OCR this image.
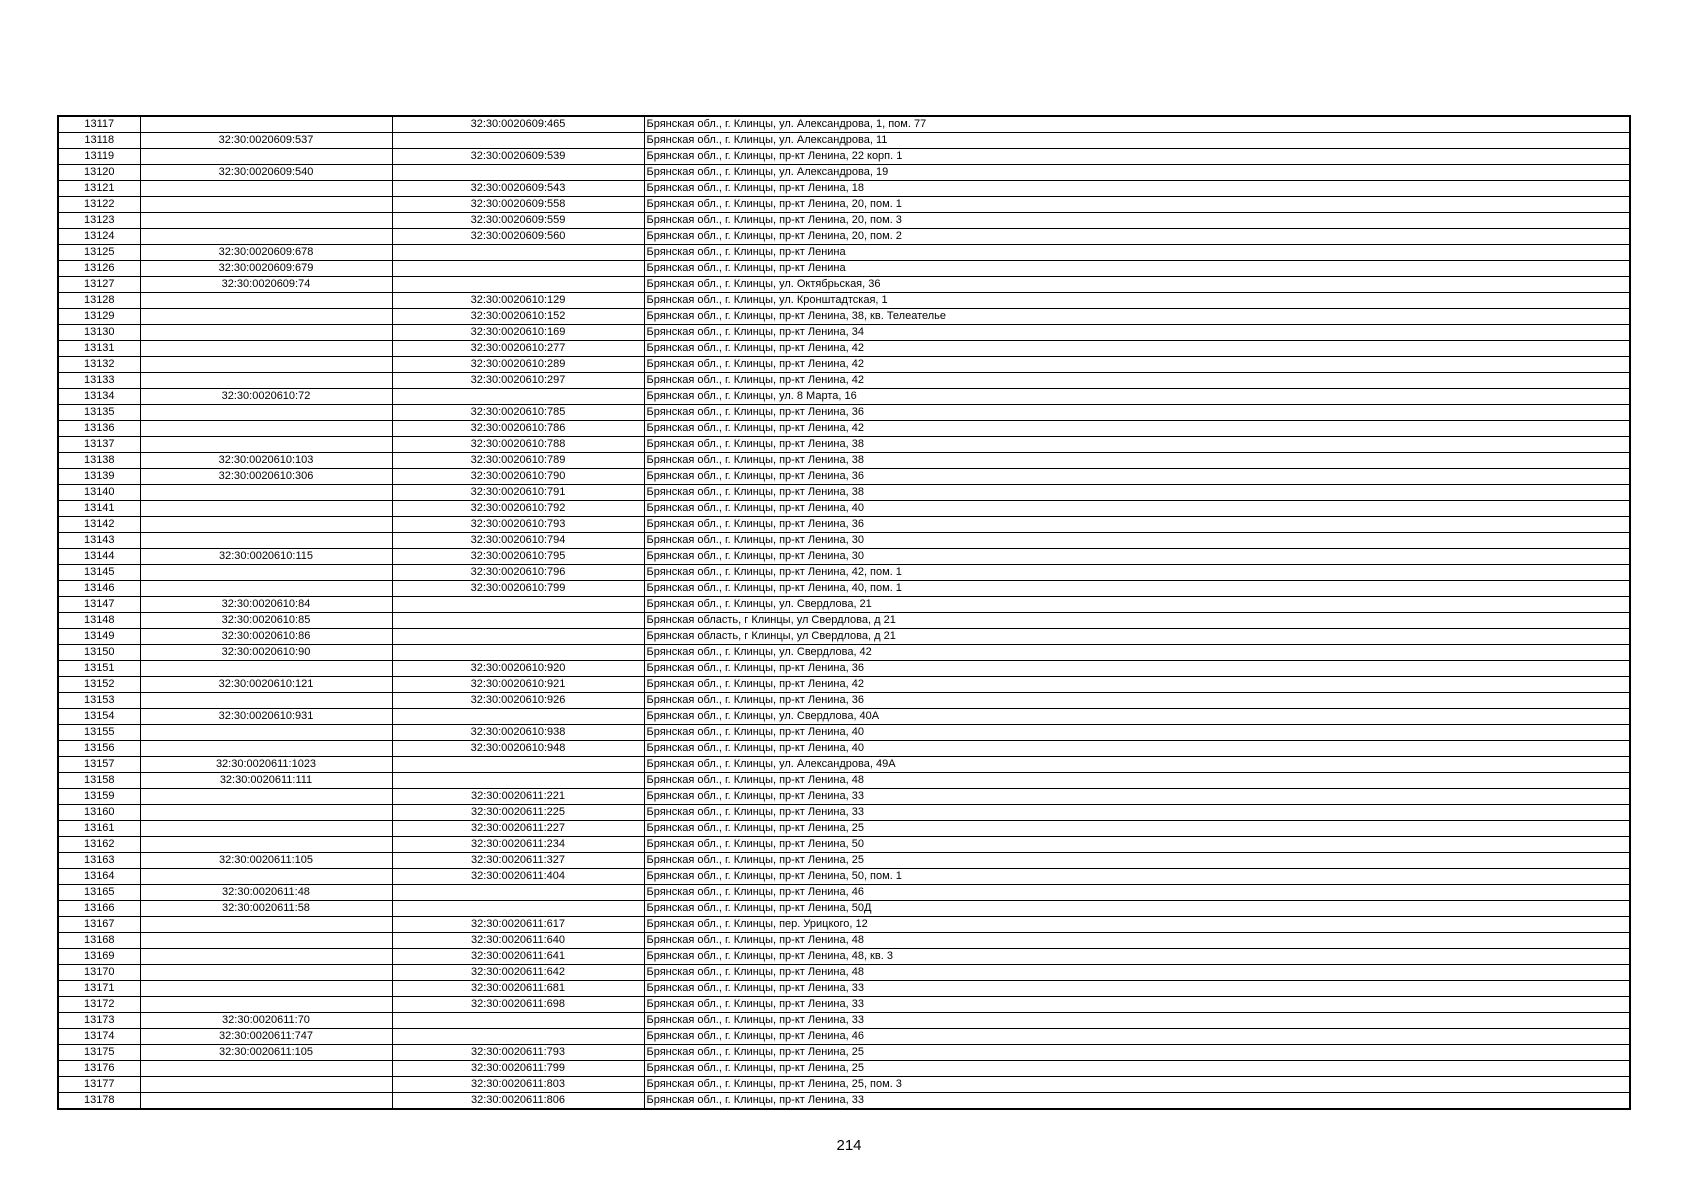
13117		32:30:0020609:465	Брянская обл., г. Клинцы, ул. Александрова, 1, пом. 77
13118	32:30:0020609:537		Брянская обл., г. Клинцы, ул. Александрова, 11
13119		32:30:0020609:539	Брянская обл., г. Клинцы, пр-кт Ленина, 22 корп. 1
13120	32:30:0020609:540		Брянская обл., г. Клинцы, ул. Александрова, 19
13121		32:30:0020609:543	Брянская обл., г. Клинцы, пр-кт Ленина, 18
13122		32:30:0020609:558	Брянская обл., г. Клинцы, пр-кт Ленина, 20, пом. 1
13123		32:30:0020609:559	Брянская обл., г. Клинцы, пр-кт Ленина, 20, пом. 3
13124		32:30:0020609:560	Брянская обл., г. Клинцы, пр-кт Ленина, 20, пом. 2
13125	32:30:0020609:678		Брянская обл., г. Клинцы, пр-кт Ленина
13126	32:30:0020609:679		Брянская обл., г. Клинцы, пр-кт Ленина
13127	32:30:0020609:74		Брянская обл., г. Клинцы, ул. Октябрьская, 36
13128		32:30:0020610:129	Брянская обл., г. Клинцы, ул. Кронштадтская, 1
13129		32:30:0020610:152	Брянская обл., г. Клинцы, пр-кт Ленина, 38, кв. Телеателье
13130		32:30:0020610:169	Брянская обл., г. Клинцы, пр-кт Ленина, 34
13131		32:30:0020610:277	Брянская обл., г. Клинцы, пр-кт Ленина, 42
13132		32:30:0020610:289	Брянская обл., г. Клинцы, пр-кт Ленина, 42
13133		32:30:0020610:297	Брянская обл., г. Клинцы, пр-кт Ленина, 42
13134	32:30:0020610:72		Брянская обл., г. Клинцы, ул. 8 Марта, 16
13135		32:30:0020610:785	Брянская обл., г. Клинцы, пр-кт Ленина, 36
13136		32:30:0020610:786	Брянская обл., г. Клинцы, пр-кт Ленина, 42
13137		32:30:0020610:788	Брянская обл., г. Клинцы, пр-кт Ленина, 38
13138	32:30:0020610:103	32:30:0020610:789	Брянская обл., г. Клинцы, пр-кт Ленина, 38
13139	32:30:0020610:306	32:30:0020610:790	Брянская обл., г. Клинцы, пр-кт Ленина, 36
13140		32:30:0020610:791	Брянская обл., г. Клинцы, пр-кт Ленина, 38
13141		32:30:0020610:792	Брянская обл., г. Клинцы, пр-кт Ленина, 40
13142		32:30:0020610:793	Брянская обл., г. Клинцы, пр-кт Ленина, 36
13143		32:30:0020610:794	Брянская обл., г. Клинцы, пр-кт Ленина, 30
13144	32:30:0020610:115	32:30:0020610:795	Брянская обл., г. Клинцы, пр-кт Ленина, 30
13145		32:30:0020610:796	Брянская обл., г. Клинцы, пр-кт Ленина, 42, пом. 1
13146		32:30:0020610:799	Брянская обл., г. Клинцы, пр-кт Ленина, 40, пом. 1
13147	32:30:0020610:84		Брянская обл., г. Клинцы, ул. Свердлова, 21
13148	32:30:0020610:85		Брянская область, г Клинцы, ул Свердлова, д 21
13149	32:30:0020610:86		Брянская область, г Клинцы, ул Свердлова, д 21
13150	32:30:0020610:90		Брянская обл., г. Клинцы, ул. Свердлова, 42
13151		32:30:0020610:920	Брянская обл., г. Клинцы, пр-кт Ленина, 36
13152	32:30:0020610:121	32:30:0020610:921	Брянская обл., г. Клинцы, пр-кт Ленина, 42
13153		32:30:0020610:926	Брянская обл., г. Клинцы, пр-кт Ленина, 36
13154	32:30:0020610:931		Брянская обл., г. Клинцы, ул. Свердлова, 40А
13155		32:30:0020610:938	Брянская обл., г. Клинцы, пр-кт Ленина, 40
13156		32:30:0020610:948	Брянская обл., г. Клинцы, пр-кт Ленина, 40
13157	32:30:0020611:1023		Брянская обл., г. Клинцы, ул. Александрова, 49А
13158	32:30:0020611:111		Брянская обл., г. Клинцы, пр-кт Ленина, 48
13159		32:30:0020611:221	Брянская обл., г. Клинцы, пр-кт Ленина, 33
13160		32:30:0020611:225	Брянская обл., г. Клинцы, пр-кт Ленина, 33
13161		32:30:0020611:227	Брянская обл., г. Клинцы, пр-кт Ленина, 25
13162		32:30:0020611:234	Брянская обл., г. Клинцы, пр-кт Ленина, 50
13163	32:30:0020611:105	32:30:0020611:327	Брянская обл., г. Клинцы, пр-кт Ленина, 25
13164		32:30:0020611:404	Брянская обл., г. Клинцы, пр-кт Ленина, 50, пом. 1
13165	32:30:0020611:48		Брянская обл., г. Клинцы, пр-кт Ленина, 46
13166	32:30:0020611:58		Брянская обл., г. Клинцы, пр-кт Ленина, 50Д
13167		32:30:0020611:617	Брянская обл., г. Клинцы, пер. Урицкого, 12
13168		32:30:0020611:640	Брянская обл., г. Клинцы, пр-кт Ленина, 48
13169		32:30:0020611:641	Брянская обл., г. Клинцы, пр-кт Ленина, 48, кв. 3
13170		32:30:0020611:642	Брянская обл., г. Клинцы, пр-кт Ленина, 48
13171		32:30:0020611:681	Брянская обл., г. Клинцы, пр-кт Ленина, 33
13172		32:30:0020611:698	Брянская обл., г. Клинцы, пр-кт Ленина, 33
13173	32:30:0020611:70		Брянская обл., г. Клинцы, пр-кт Ленина, 33
13174	32:30:0020611:747		Брянская обл., г. Клинцы, пр-кт Ленина, 46
13175	32:30:0020611:105	32:30:0020611:793	Брянская обл., г. Клинцы, пр-кт Ленина, 25
13176		32:30:0020611:799	Брянская обл., г. Клинцы, пр-кт Ленина, 25
13177		32:30:0020611:803	Брянская обл., г. Клинцы, пр-кт Ленина, 25, пом. 3
13178		32:30:0020611:806	Брянская обл., г. Клинцы, пр-кт Ленина, 33
214
